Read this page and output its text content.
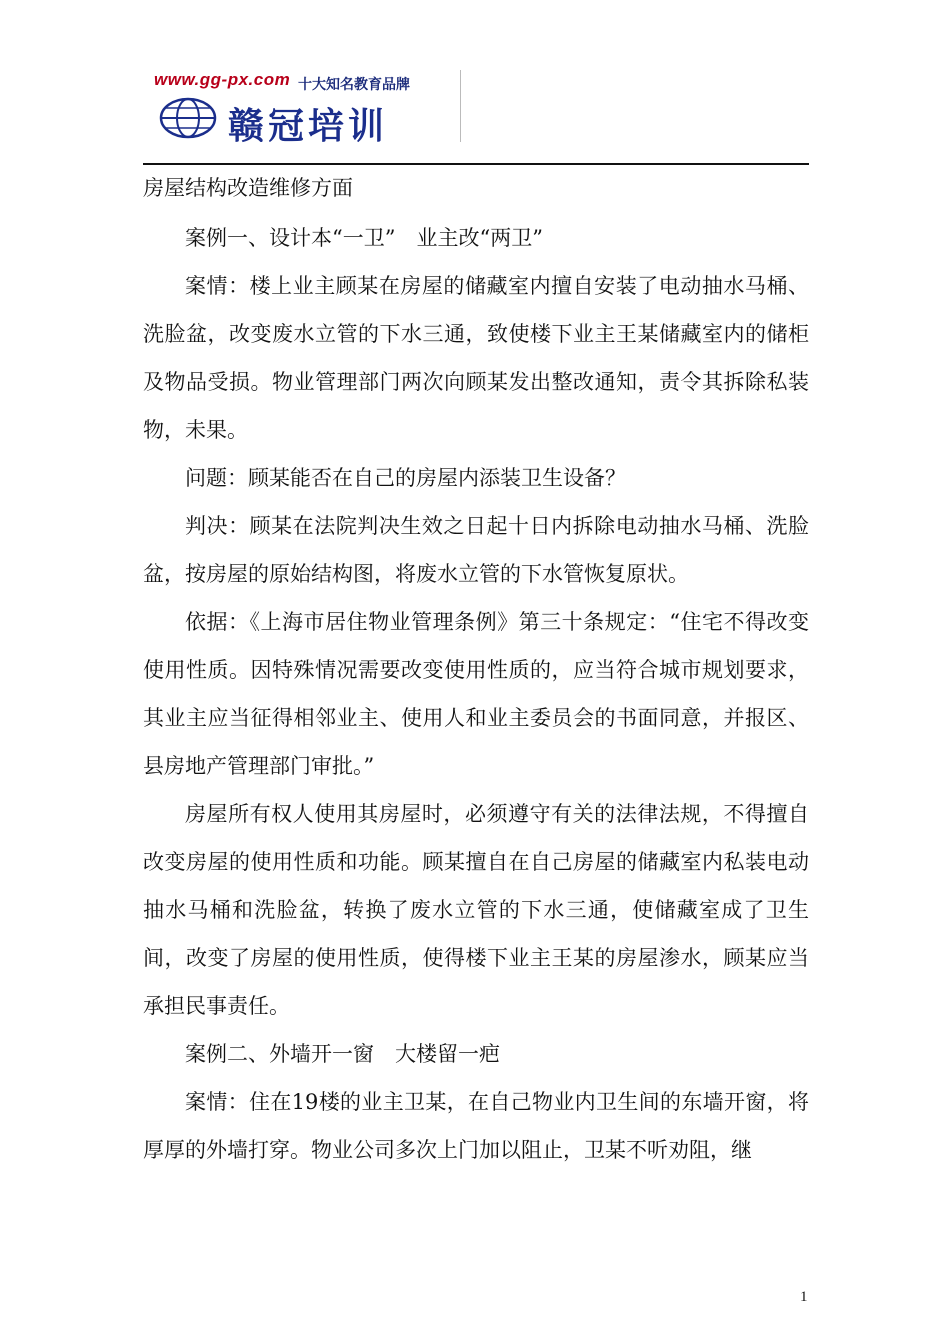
www.gg-px.com 十大知名教育品牌
赣冠培训

房屋结构改造维修方面

案例一、设计本“一卫”　业主改“两卫”

案情：楼上业主顾某在房屋的储藏室内擅自安装了电动抽水马桶、洗脸盆，改变废水立管的下水三通，致使楼下业主王某储藏室内的储柜及物品受损。物业管理部门两次向顾某发出整改通知，责令其拆除私装物，未果。

问题：顾某能否在自己的房屋内添装卫生设备？

判决：顾某在法院判决生效之日起十日内拆除电动抽水马桶、洗脸盆，按房屋的原始结构图，将废水立管的下水管恢复原状。

依据：《上海市居住物业管理条例》第三十条规定：“住宅不得改变使用性质。因特殊情况需要改变使用性质的，应当符合城市规划要求，其业主应当征得相邻业主、使用人和业主委员会的书面同意，并报区、县房地产管理部门审批。”

房屋所有权人使用其房屋时，必须遵守有关的法律法规，不得擅自改变房屋的使用性质和功能。顾某擅自在自己房屋的储藏室内私装电动抽水马桶和洗脸盆，转换了废水立管的下水三通，使储藏室成了卫生间，改变了房屋的使用性质，使得楼下业主王某的房屋渗水，顾某应当承担民事责任。

案例二、外墙开一窗　大楼留一疤

案情：住在19楼的业主卫某，在自己物业内卫生间的东墙开窗，将厚厚的外墙打穿。物业公司多次上门加以阻止，卫某不听劝阻，继

1
